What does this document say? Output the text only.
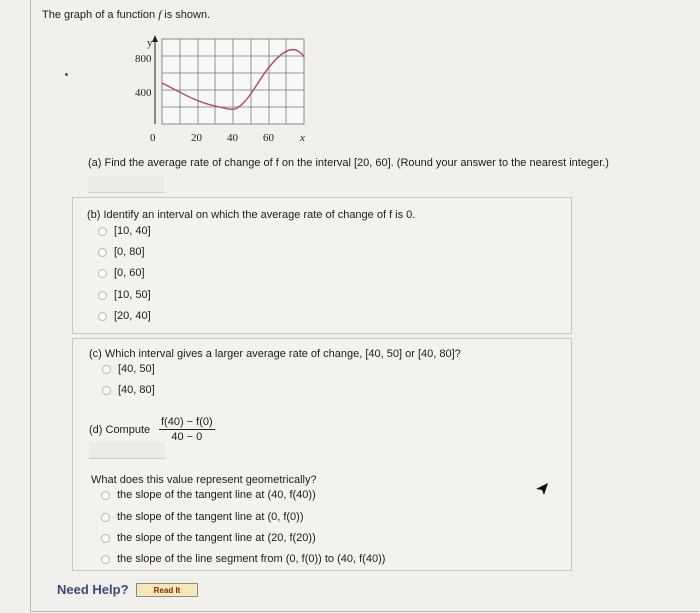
The graph of a function f is shown.
y
800
400
0	20 40 60 x
(a) Find the average rate of change of f on the interval [20, 60]. (Round your answer to the nearest integer.)
(b) Identify an interval on which the average rate of change of f is 0.
[10, 40]
[0, 80]
[0, 60]
[10, 50]
[20, 40]
(c) Which interval gives a larger average rate of change, [40, 50] or [40, 80]?
[40, 50]
[40, 80]
(d) Compute $\frac{f(40) - f(0)}{40 - 0}$
What does this value represent geometrically?
the slope of the tangent line at (40, f(40))
the slope of the tangent line at (0, f(0))
the slope of the tangent line at (20, f(20))
the slope of the line segment from (0, f(0)) to (40, f(40))
Need Help?	Read It
